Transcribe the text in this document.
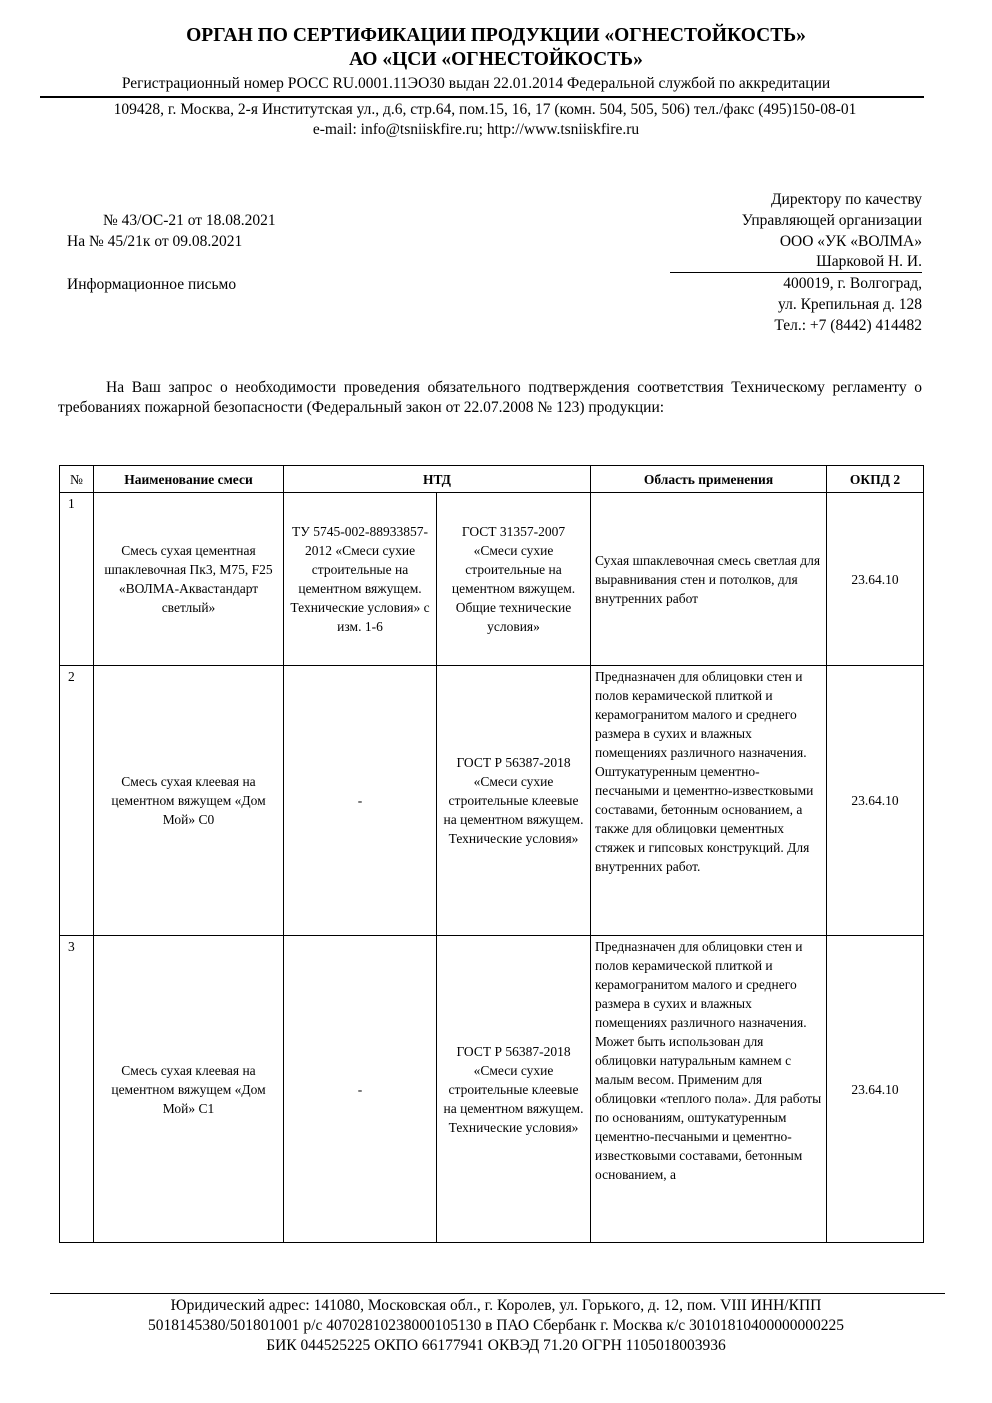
ОРГАН ПО СЕРТИФИКАЦИИ ПРОДУКЦИИ «ОГНЕСТОЙКОСТЬ»
АО «ЦСИ «ОГНЕСТОЙКОСТЬ»
Регистрационный номер РОСС RU.0001.11ЭО30 выдан 22.01.2014 Федеральной службой по аккредитации
109428, г. Москва, 2-я Институтская ул., д.6, стр.64, пом.15, 16, 17 (комн. 504, 505, 506) тел./факс (495)150-08-01
e-mail: info@tsniiskfire.ru; http://www.tsniiskfire.ru
№ 43/ОС-21 от 18.08.2021
На № 45/21к от 09.08.2021
Информационное письмо
Директору по качеству
Управляющей организации
ООО «УК «ВОЛМА»
Шарковой Н. И.
400019, г. Волгоград,
ул. Крепильная д. 128
Тел.: +7 (8442) 414482
На Ваш запрос о необходимости проведения обязательного подтверждения соответствия Техническому регламенту о требованиях пожарной безопасности (Федеральный закон от 22.07.2008 № 123) продукции:
№	Наименование смеси	НТД		Область применения	ОКПД 2
1	Смесь сухая цементная шпаклевочная Пк3, М75, F25 «ВОЛМА-Аквастандарт светлый»	ТУ 5745-002-88933857-2012 «Смеси сухие строительные на цементном вяжущем. Технические условия» с изм. 1-6	ГОСТ 31357-2007 «Смеси сухие строительные на цементном вяжущем. Общие технические условия»	Сухая шпаклевочная смесь светлая для выравнивания стен и потолков, для внутренних работ	23.64.10
2	Смесь сухая клеевая на цементном вяжущем «Дом Мой» С0	-	ГОСТ Р 56387-2018 «Смеси сухие строительные клеевые на цементном вяжущем. Технические условия»	Предназначен для облицовки стен и полов керамической плиткой и керамогранитом малого и среднего размера в сухих и влажных помещениях различного назначения. Оштукатуренным цементно-песчаными и цементно-известковыми составами, бетонным основанием, а также для облицовки цементных стяжек и гипсовых конструкций. Для внутренних работ.	23.64.10
3	Смесь сухая клеевая на цементном вяжущем «Дом Мой» С1	-	ГОСТ Р 56387-2018 «Смеси сухие строительные клеевые на цементном вяжущем. Технические условия»	Предназначен для облицовки стен и полов керамической плиткой и керамогранитом малого и среднего размера в сухих и влажных помещениях различного назначения. Может быть использован для облицовки натуральным камнем с малым весом. Применим для облицовки «теплого пола». Для работы по основаниям, оштукатуренным цементно-песчаными и цементно-известковыми составами, бетонным основанием, а	23.64.10
Юридический адрес: 141080, Московская обл., г. Королев, ул. Горького, д. 12, пом. VIII ИНН/КПП
5018145380/501801001 р/с 40702810238000105130 в ПАО Сбербанк г. Москва к/с 30101810400000000225
БИК 044525225 ОКПО 66177941 ОКВЭД 71.20 ОГРН 1105018003936
